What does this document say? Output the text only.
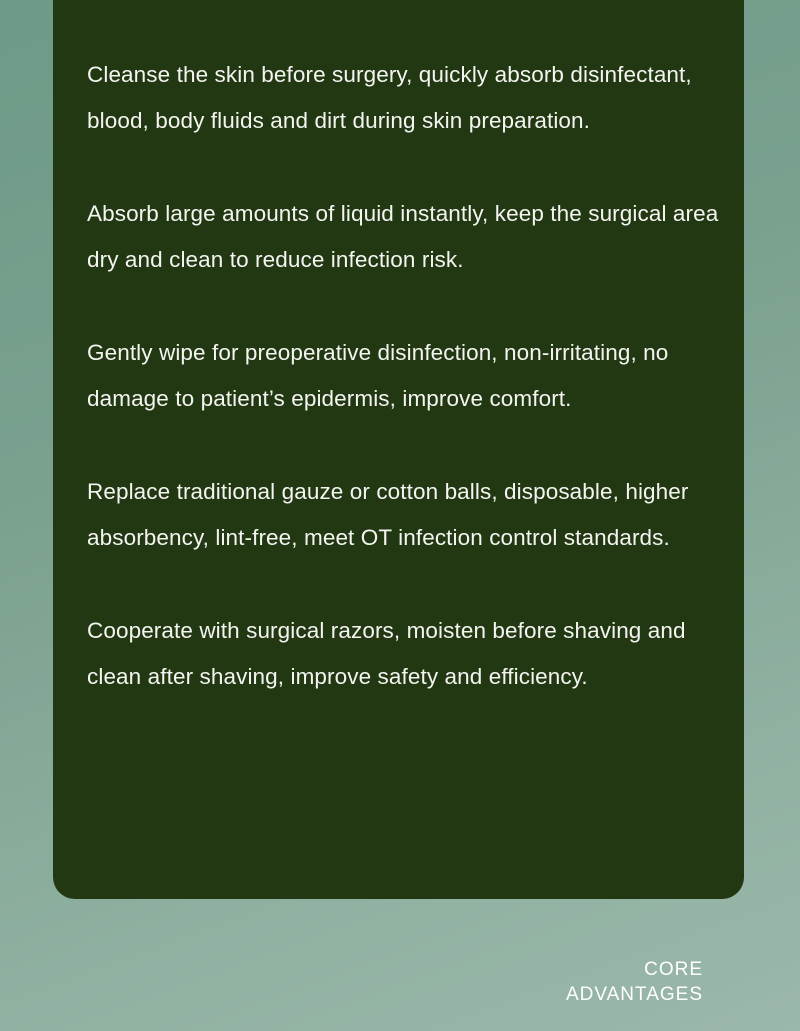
Cleanse the skin before surgery, quickly absorb disinfectant, blood, body fluids and dirt during skin preparation.
Absorb large amounts of liquid instantly, keep the surgical area dry and clean to reduce infection risk.
Gently wipe for preoperative disinfection, non-irritating, no damage to patient’s epidermis, improve comfort.
Replace traditional gauze or cotton balls, disposable, higher absorbency, lint-free, meet OT infection control standards.
Cooperate with surgical razors, moisten before shaving and clean after shaving, improve safety and efficiency.
CORE
ADVANTAGES
